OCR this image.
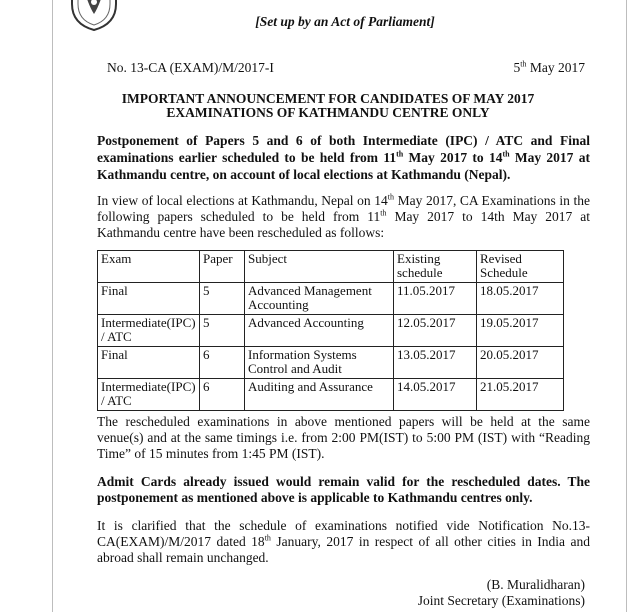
[Set up by an Act of Parliament]
No. 13-CA (EXAM)/M/2017-I	5th May 2017
IMPORTANT ANNOUNCEMENT FOR CANDIDATES OF MAY 2017
EXAMINATIONS OF KATHMANDU CENTRE ONLY
Postponement of Papers 5 and 6 of both Intermediate (IPC) / ATC and Final examinations earlier scheduled to be held from 11th May 2017 to 14th May 2017 at Kathmandu centre, on account of local elections at Kathmandu (Nepal).
In view of local elections at Kathmandu, Nepal on 14th May 2017, CA Examinations in the following papers scheduled to be held from 11th May 2017 to 14th May 2017 at Kathmandu centre have been rescheduled as follows:
Exam	Paper	Subject	Existing schedule	Revised Schedule
Final	5	Advanced Management Accounting	11.05.2017	18.05.2017
Intermediate(IPC) / ATC	5	Advanced Accounting	12.05.2017	19.05.2017
Final	6	Information Systems Control and Audit	13.05.2017	20.05.2017
Intermediate(IPC) / ATC	6	Auditing and Assurance	14.05.2017	21.05.2017
The rescheduled examinations in above mentioned papers will be held at the same venue(s) and at the same timings i.e. from 2:00 PM(IST) to 5:00 PM (IST) with “Reading Time” of 15 minutes from 1:45 PM (IST).
Admit Cards already issued would remain valid for the rescheduled dates. The postponement as mentioned above is applicable to Kathmandu centres only.
It is clarified that the schedule of examinations notified vide Notification No.13-CA(EXAM)/M/2017 dated 18th January, 2017 in respect of all other cities in India and abroad shall remain unchanged.
(B. Muralidharan)
Joint Secretary (Examinations)
